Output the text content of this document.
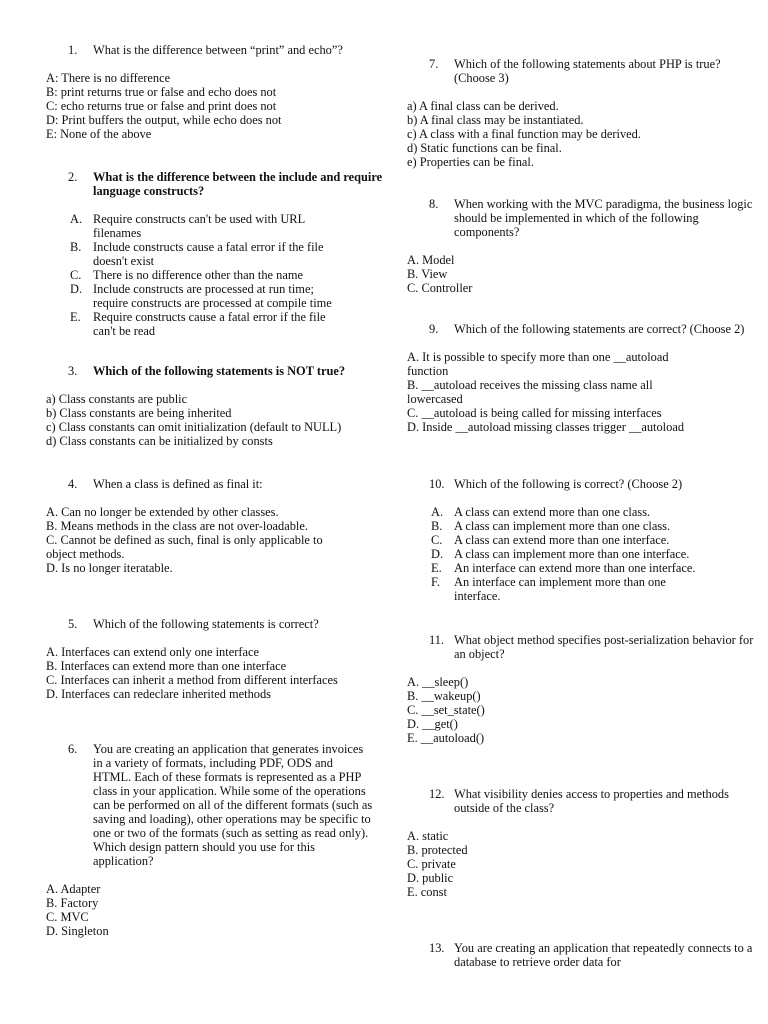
1. What is the difference between “print” and echo”?
A: There is no difference
B: print returns true or false and echo does not
C: echo returns true or false and print does not
D: Print buffers the output, while echo does not
E: None of the above
2. What is the difference between the include and require language constructs?
A. Require constructs can't be used with URL filenames
B. Include constructs cause a fatal error if the file doesn't exist
C. There is no difference other than the name
D. Include constructs are processed at run time; require constructs are processed at compile time
E. Require constructs cause a fatal error if the file can't be read
3. Which of the following statements is NOT true?
a) Class constants are public
b) Class constants are being inherited
c) Class constants can omit initialization (default to NULL)
d) Class constants can be initialized by consts
4. When a class is defined as final it:
A. Can no longer be extended by other classes.
B. Means methods in the class are not over-loadable.
C. Cannot be defined as such, final is only applicable to object methods.
D. Is no longer iteratable.
5. Which of the following statements is correct?
A. Interfaces can extend only one interface
B. Interfaces can extend more than one interface
C. Interfaces can inherit a method from different interfaces
D. Interfaces can redeclare inherited methods
6. You are creating an application that generates invoices in a variety of formats, including PDF, ODS and HTML. Each of these formats is represented as a PHP class in your application. While some of the operations can be performed on all of the different formats (such as saving and loading), other operations may be specific to one or two of the formats (such as setting as read only). Which design pattern should you use for this application?
A. Adapter
B. Factory
C. MVC
D. Singleton
7. Which of the following statements about PHP is true? (Choose 3)
a) A final class can be derived.
b) A final class may be instantiated.
c) A class with a final function may be derived.
d) Static functions can be final.
e) Properties can be final.
8. When working with the MVC paradigma, the business logic should be implemented in which of the following components?
A. Model
B. View
C. Controller
9. Which of the following statements are correct? (Choose 2)
A. It is possible to specify more than one __autoload function
B. __autoload receives the missing class name all lowercased
C. __autoload is being called for missing interfaces
D. Inside __autoload missing classes trigger __autoload
10. Which of the following is correct? (Choose 2)
A. A class can extend more than one class.
B. A class can implement more than one class.
C. A class can extend more than one interface.
D. A class can implement more than one interface.
E. An interface can extend more than one interface.
F. An interface can implement more than one interface.
11. What object method specifies post-serialization behavior for an object?
A. __sleep()
B. __wakeup()
C. __set_state()
D. __get()
E. __autoload()
12. What visibility denies access to properties and methods outside of the class?
A. static
B. protected
C. private
D. public
E. const
13. You are creating an application that repeatedly connects to a database to retrieve order data for
